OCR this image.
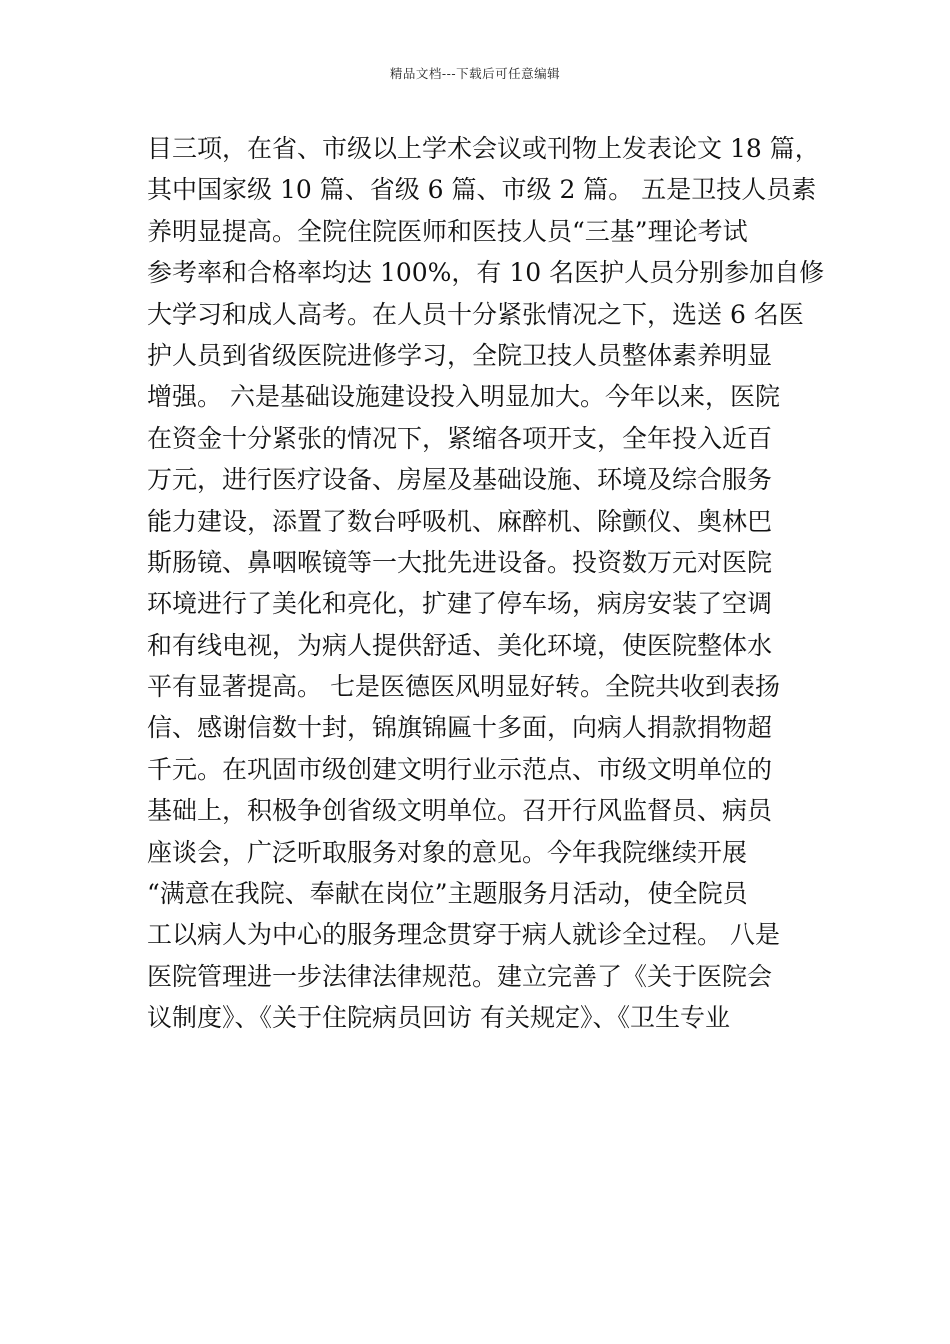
精品文档---下载后可任意编辑
目三项，在省、市级以上学术会议或刊物上发表论文 18 篇，
其中国家级 10 篇、省级 6 篇、市级 2 篇。 五是卫技人员素
养明显提高。全院住院医师和医技人员“三基”理论考试
参考率和合格率均达 100%，有 10 名医护人员分别参加自修
大学习和成人高考。在人员十分紧张情况之下，选送 6 名医
护人员到省级医院进修学习，全院卫技人员整体素养明显
增强。 六是基础设施建设投入明显加大。今年以来，医院
在资金十分紧张的情况下，紧缩各项开支，全年投入近百
万元，进行医疗设备、房屋及基础设施、环境及综合服务
能力建设，添置了数台呼吸机、麻醉机、除颤仪、奥林巴
斯肠镜、鼻咽喉镜等一大批先进设备。投资数万元对医院
环境进行了美化和亮化，扩建了停车场，病房安装了空调
和有线电视，为病人提供舒适、美化环境，使医院整体水
平有显著提高。 七是医德医风明显好转。全院共收到表扬
信、感谢信数十封，锦旗锦匾十多面，向病人捐款捐物超
千元。在巩固市级创建文明行业示范点、市级文明单位的
基础上，积极争创省级文明单位。召开行风监督员、病员
座谈会，广泛听取服务对象的意见。今年我院继续开展
“满意在我院、奉献在岗位”主题服务月活动，使全院员
工以病人为中心的服务理念贯穿于病人就诊全过程。 八是
医院管理进一步法律法律规范。建立完善了《关于医院会
议制度》、《关于住院病员回访 有关规定》、《卫生专业
